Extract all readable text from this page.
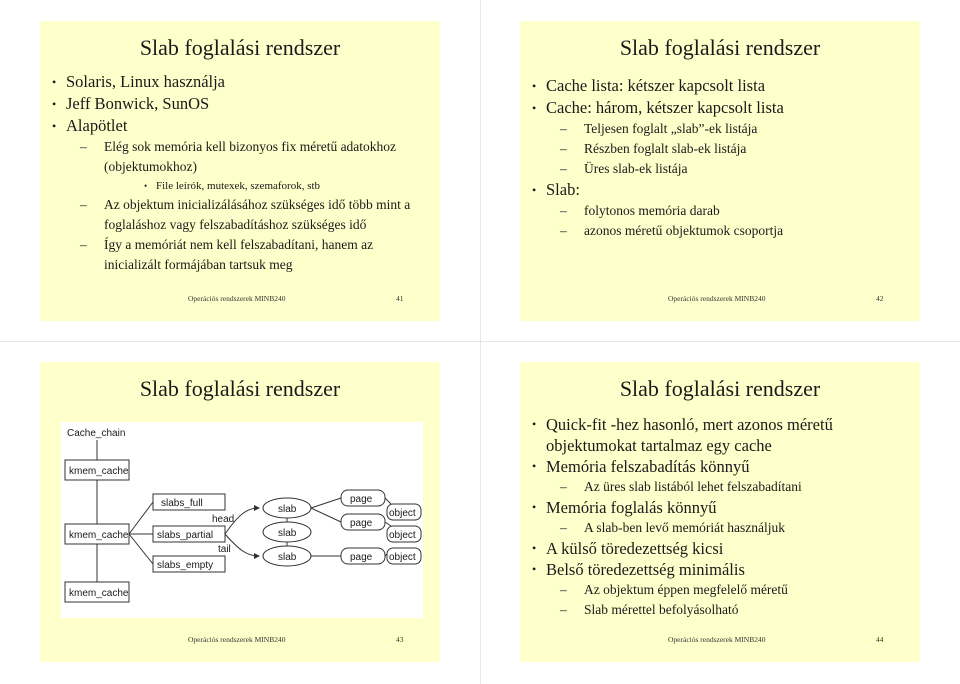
Slab foglalási rendszer
• Solaris, Linux használja
• Jeff Bonwick, SunOS
• Alapötlet
– Elég sok memória kell bizonyos fix méretű adatokhoz (objektumokhoz)
• File leírók, mutexek, szemaforok, stb
– Az objektum inicializálásához szükséges idő több mint a foglaláshoz vagy felszabadításhoz szükséges idő
– Így a memóriát nem kell felszabadítani, hanem az inicializált formájában tartsuk meg
Operációs rendszerek MINB240	41
Slab foglalási rendszer
• Cache lista: kétszer kapcsolt lista
• Cache: három, kétszer kapcsolt lista
– Teljesen foglalt „slab”-ek listája
– Részben foglalt slab-ek listája
– Üres slab-ek listája
• Slab:
– folytonos memória darab
– azonos méretű objektumok csoportja
Operációs rendszerek MINB240	42
Slab foglalási rendszer
Cache_chain
kmem_cache
kmem_cache
kmem_cache
slabs_full
slabs_partial
slabs_empty
head
tail
slab
slab
slab
page
page
page
object
object
object
Operációs rendszerek MINB240	43
Slab foglalási rendszer
• Quick-fit -hez hasonló, mert azonos méretű objektumokat tartalmaz egy cache
• Memória felszabadítás könnyű
– Az üres slab listából lehet felszabadítani
• Memória foglalás könnyű
– A slab-ben levő memóriát használjuk
• A külső töredezettség kicsi
• Belső töredezettség minimális
– Az objektum éppen megfelelő méretű
– Slab mérettel befolyásolható
Operációs rendszerek MINB240	44
